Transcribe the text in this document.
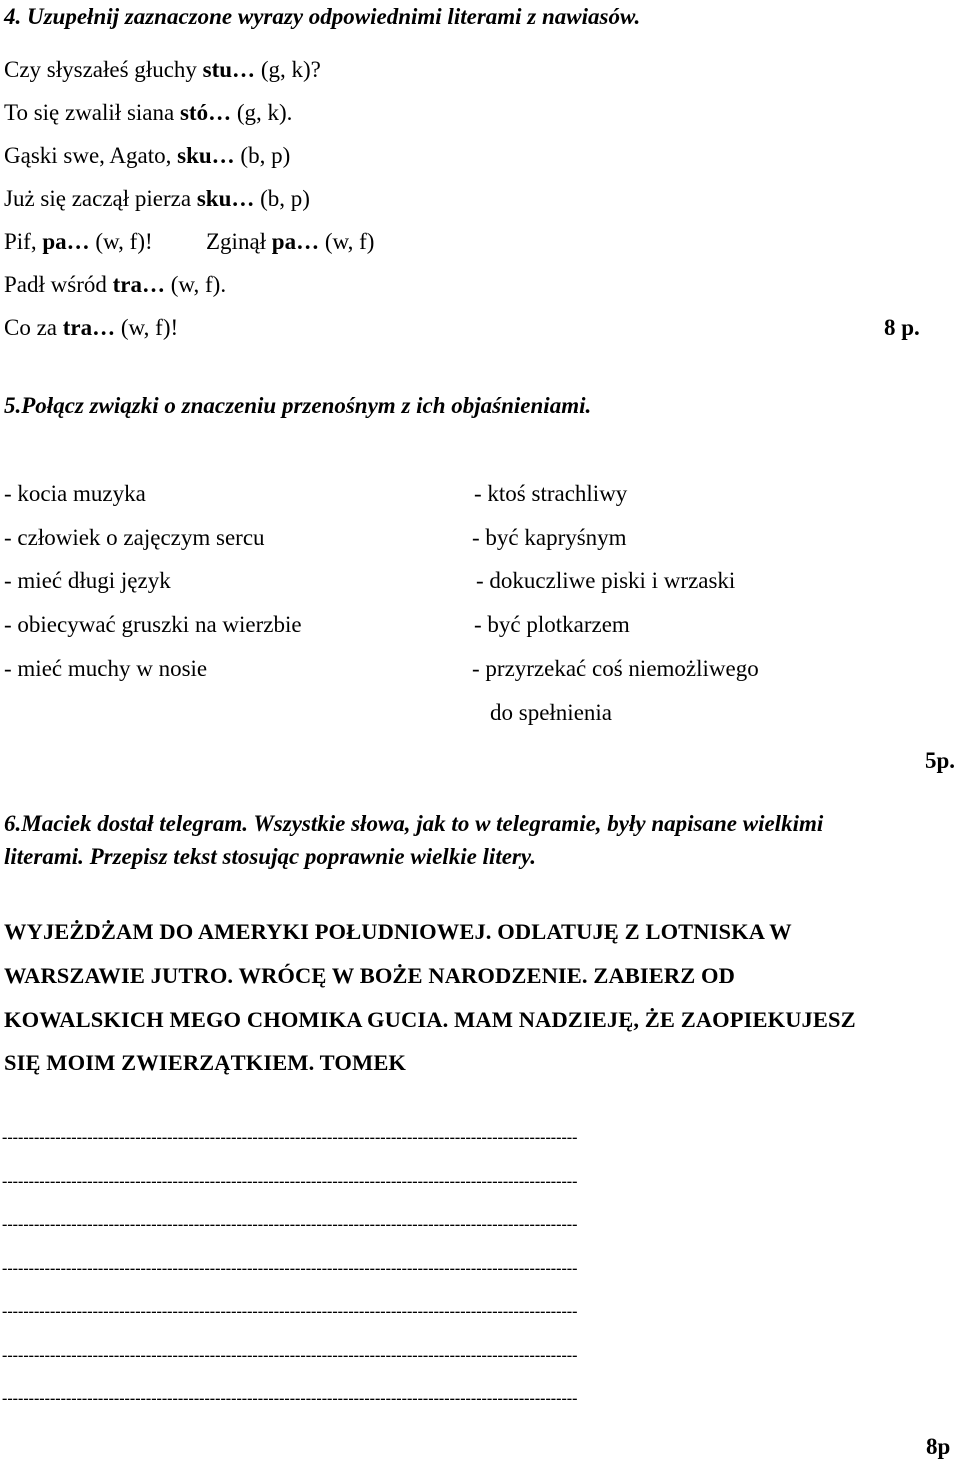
4. Uzupełnij zaznaczone wyrazy odpowiednimi literami z nawiasów.
Czy słyszałeś głuchy stu… (g, k)?
To się zwalił siana stó… (g, k).
Gąski swe, Agato, sku… (b, p)
Już się zaczął pierza sku… (b, p)
Pif, pa… (w, f)! Zginął pa… (w, f)
Padł wśród tra… (w, f).
Co za tra… (w, f)!	8 p.
5.Połącz związki o znaczeniu przenośnym z ich objaśnieniami.
- kocia muzyka
- człowiek o zajęczym sercu
- mieć długi język
- obiecywać gruszki na wierzbie
- mieć muchy w nosie
- ktoś strachliwy
- być kapryśnym
- dokuczliwe piski i wrzaski
- być plotkarzem
- przyrzekać coś niemożliwego
do spełnienia
5p.
6.Maciek dostał telegram. Wszystkie słowa, jak to w telegramie, były napisane wielkimi
literami. Przepisz tekst stosując poprawnie wielkie litery.
WYJEŻDŻAM DO AMERYKI POŁUDNIOWEJ. ODLATUJĘ Z LOTNISKA W
WARSZAWIE JUTRO. WRÓCĘ W BOŻE NARODZENIE. ZABIERZ OD
KOWALSKICH MEGO CHOMIKA GUCIA. MAM NADZIEJĘ, ŻE ZAOPIEKUJESZ
SIĘ MOIM ZWIERZĄTKIEM. TOMEK
------------------------------------------------------------------------------------------------------------
------------------------------------------------------------------------------------------------------------
------------------------------------------------------------------------------------------------------------
------------------------------------------------------------------------------------------------------------
------------------------------------------------------------------------------------------------------------
------------------------------------------------------------------------------------------------------------
------------------------------------------------------------------------------------------------------------
8p
